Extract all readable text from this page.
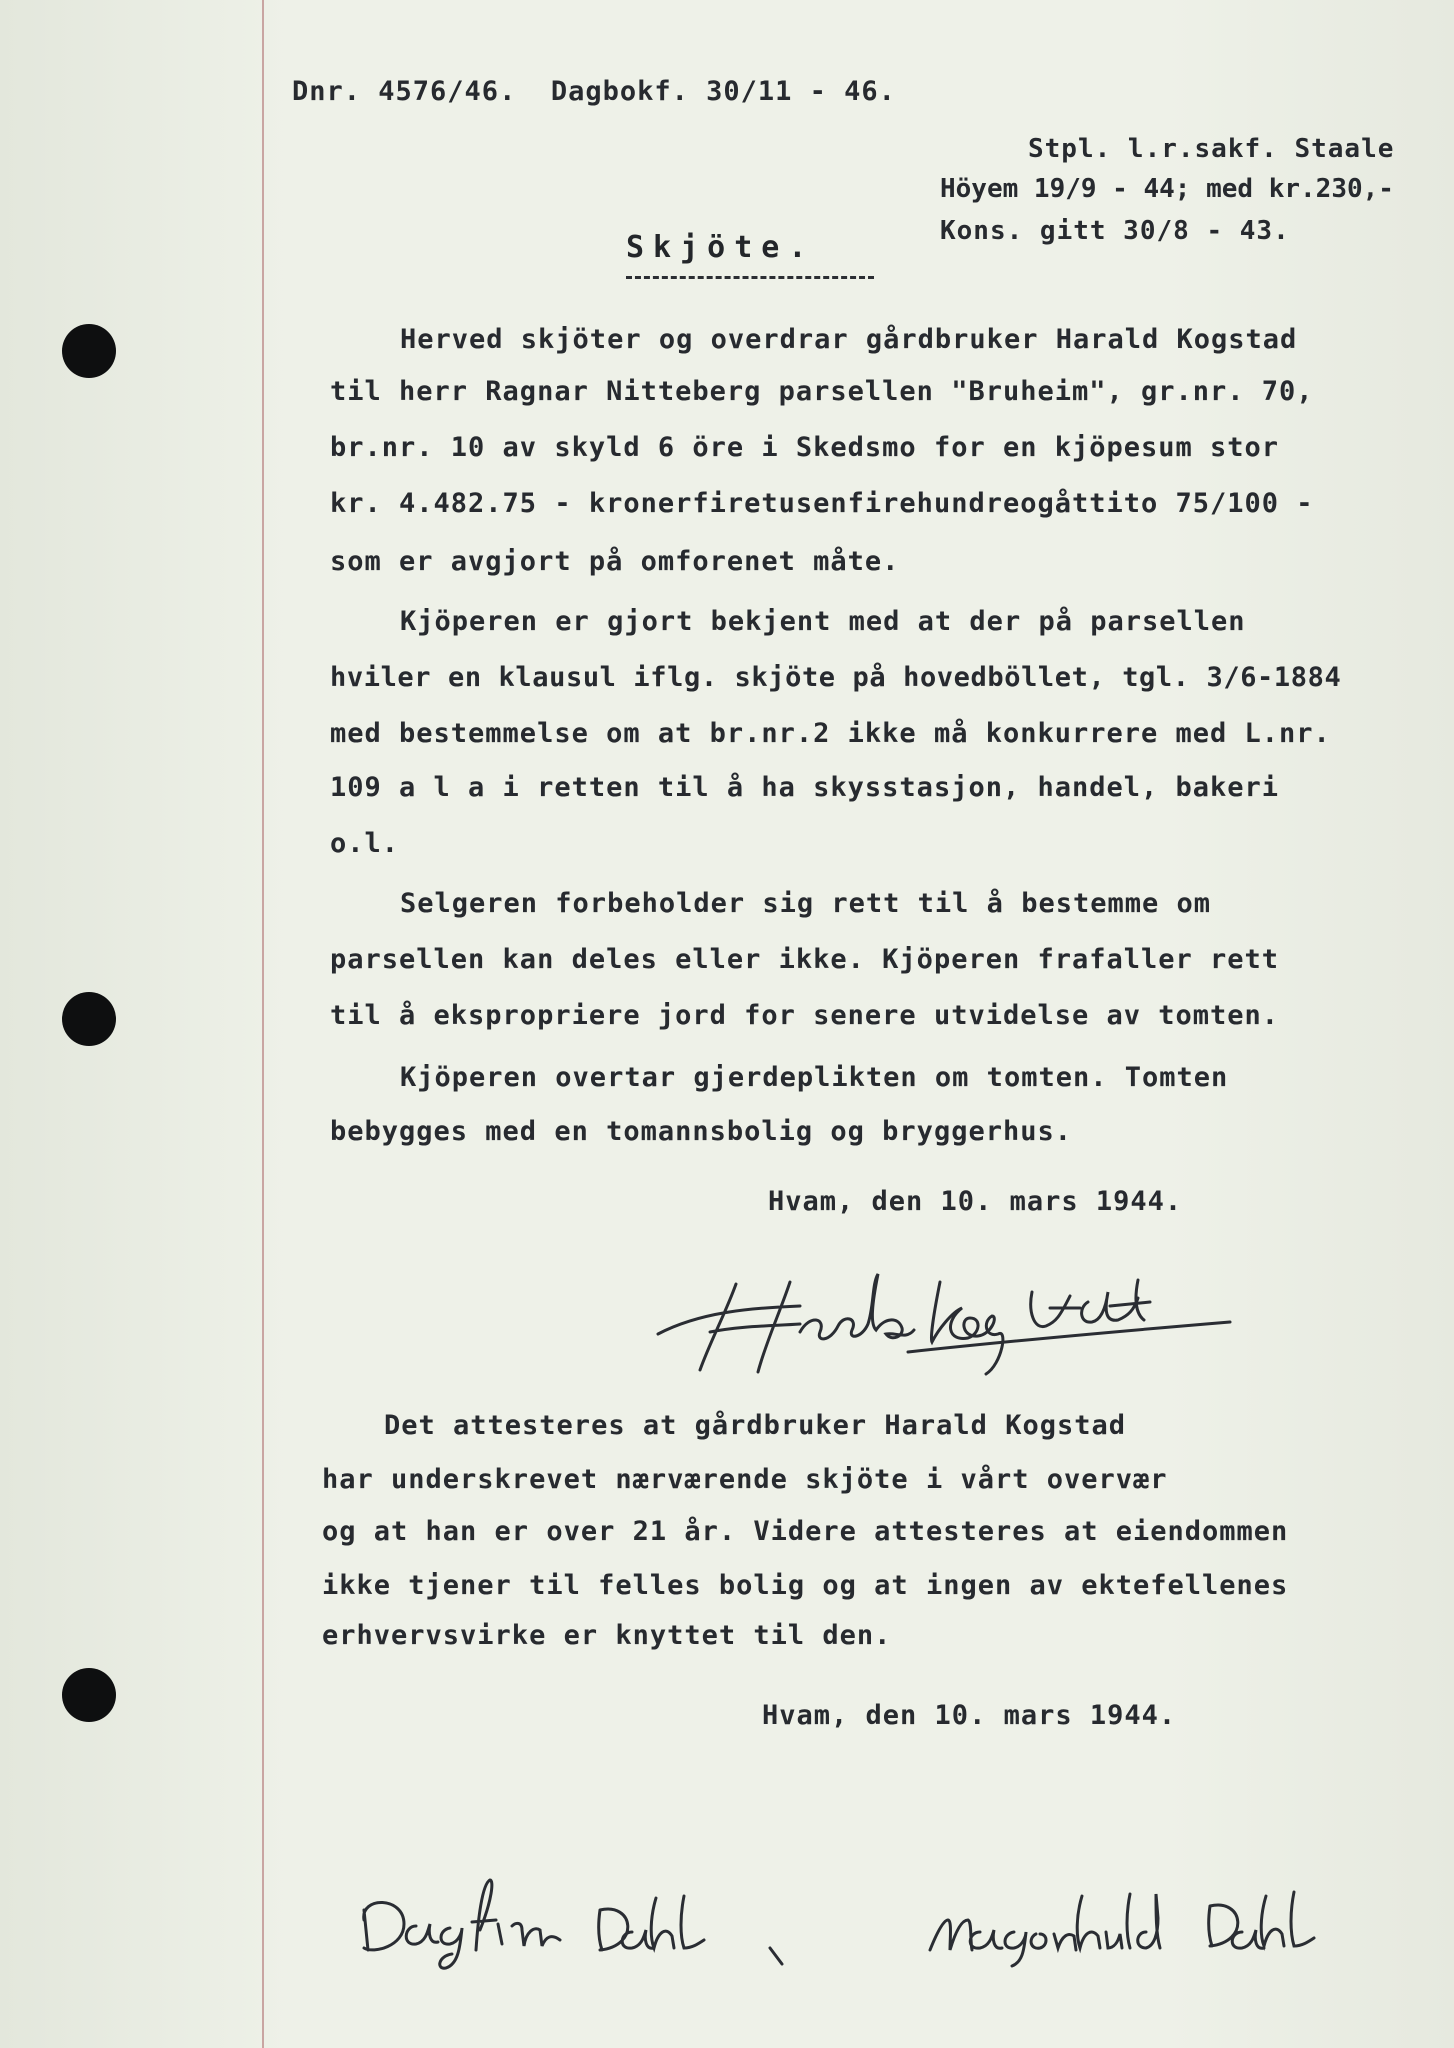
Dnr. 4576/46.  Dagbokf. 30/11 - 46.
Stpl. l.r.sakf. Staale
Höyem 19/9 - 44; med kr.230,-
Kons. gitt 30/8 - 43.
Skjöte.
Herved skjöter og overdrar gårdbruker Harald Kogstad
til herr Ragnar Nitteberg parsellen "Bruheim", gr.nr. 70,
br.nr. 10 av skyld 6 öre i Skedsmo for en kjöpesum stor
kr. 4.482.75 - kronerfiretusenfirehundreogåttito 75/100 -
som er avgjort på omforenet måte.
Kjöperen er gjort bekjent med at der på parsellen
hviler en klausul iflg. skjöte på hovedböllet, tgl. 3/6-1884
med bestemmelse om at br.nr.2 ikke må konkurrere med L.nr.
109 a l a i retten til å ha skysstasjon, handel, bakeri
o.l.
Selgeren forbeholder sig rett til å bestemme om
parsellen kan deles eller ikke. Kjöperen frafaller rett
til å ekspropriere jord for senere utvidelse av tomten.
Kjöperen overtar gjerdeplikten om tomten. Tomten
bebygges med en tomannsbolig og bryggerhus.
Hvam, den 10. mars 1944.
Det attesteres at gårdbruker Harald Kogstad
har underskrevet nærværende skjöte i vårt overvær
og at han er over 21 år. Videre attesteres at eiendommen
ikke tjener til felles bolig og at ingen av ektefellenes
erhvervsvirke er knyttet til den.
Hvam, den 10. mars 1944.
